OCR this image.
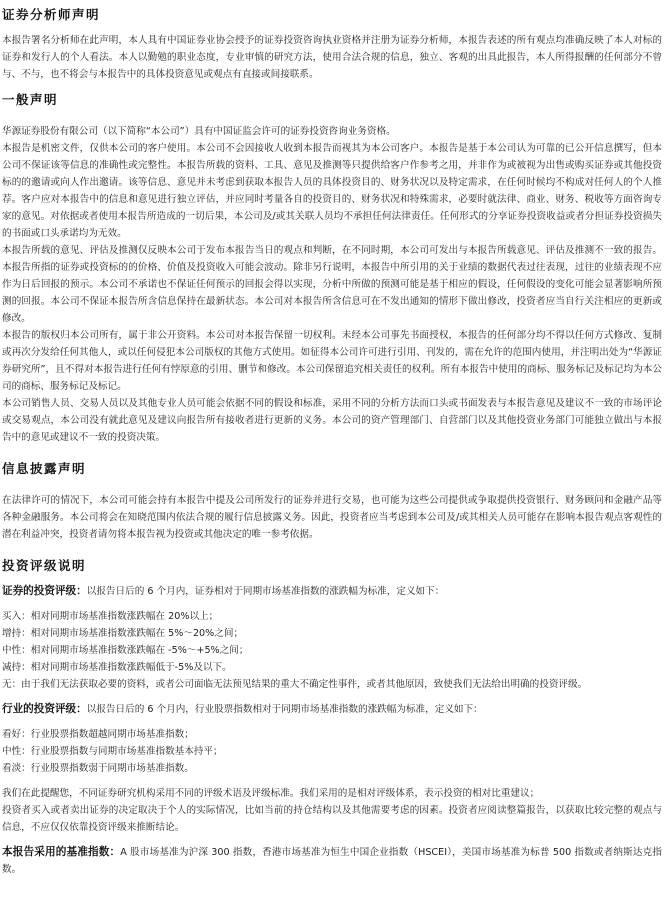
证券分析师声明

本报告署名分析师在此声明，本人具有中国证券业协会授予的证券投资咨询执业资格并注册为证券分析师，本报告表述的所有观点均准确反映了本人对标的证券和发行人的个人看法。本人以勤勉的职业态度，专业审慎的研究方法，使用合法合规的信息，独立、客观的出具此报告，本人所得报酬的任何部分不曾与、不与，也不将会与本报告中的具体投资意见或观点有直接或间接联系。

一般声明

华源证券股份有限公司（以下简称“本公司”）具有中国证监会许可的证券投资咨询业务资格。

本报告是机密文件，仅供本公司的客户使用。本公司不会因接收人收到本报告而视其为本公司客户。本报告是基于本公司认为可靠的已公开信息撰写，但本公司不保证该等信息的准确性或完整性。本报告所载的资料、工具、意见及推测等只提供给客户作参考之用，并非作为或被视为出售或购买证券或其他投资标的的邀请或向人作出邀请。该等信息、意见并未考虑到获取本报告人员的具体投资目的、财务状况以及特定需求，在任何时候均不构成对任何人的个人推荐。客户应对本报告中的信息和意见进行独立评估，并应同时考量各自的投资目的、财务状况和特殊需求，必要时就法律、商业、财务、税收等方面咨询专家的意见。对依据或者使用本报告所造成的一切后果，本公司及/或其关联人员均不承担任何法律责任。任何形式的分享证券投资收益或者分担证券投资损失的书面或口头承诺均为无效。

本报告所载的意见、评估及推测仅反映本公司于发布本报告当日的观点和判断，在不同时期，本公司可发出与本报告所载意见、评估及推测不一致的报告。本报告所指的证券或投资标的的价格、价值及投资收入可能会波动。除非另行说明，本报告中所引用的关于业绩的数据代表过往表现，过往的业绩表现不应作为日后回报的预示。本公司不承诺也不保证任何预示的回报会得以实现，分析中所做的预测可能是基于相应的假设，任何假设的变化可能会显著影响所预测的回报。本公司不保证本报告所含信息保持在最新状态。本公司对本报告所含信息可在不发出通知的情形下做出修改，投资者应当自行关注相应的更新或修改。

本报告的版权归本公司所有，属于非公开资料。本公司对本报告保留一切权利。未经本公司事先书面授权，本报告的任何部分均不得以任何方式修改、复制或再次分发给任何其他人，或以任何侵犯本公司版权的其他方式使用。如征得本公司许可进行引用、刊发的，需在允许的范围内使用，并注明出处为“华源证券研究所”，且不得对本报告进行任何有悖原意的引用、删节和修改。本公司保留追究相关责任的权利。所有本报告中使用的商标、服务标记及标记均为本公司的商标、服务标记及标记。

本公司销售人员、交易人员以及其他专业人员可能会依据不同的假设和标准，采用不同的分析方法而口头或书面发表与本报告意见及建议不一致的市场评论或交易观点，本公司没有就此意见及建议向报告所有接收者进行更新的义务。本公司的资产管理部门、自营部门以及其他投资业务部门可能独立做出与本报告中的意见或建议不一致的投资决策。

信息披露声明

在法律许可的情况下，本公司可能会持有本报告中提及公司所发行的证券并进行交易，也可能为这些公司提供或争取提供投资银行、财务顾问和金融产品等各种金融服务。本公司将会在知晓范围内依法合规的履行信息披露义务。因此，投资者应当考虑到本公司及/或其相关人员可能存在影响本报告观点客观性的潜在利益冲突，投资者请勿将本报告视为投资或其他决定的唯一参考依据。

投资评级说明

证券的投资评级：以报告日后的 6 个月内，证券相对于同期市场基准指数的涨跌幅为标准，定义如下：

买入：相对同期市场基准指数涨跌幅在 20%以上；

增持：相对同期市场基准指数涨跌幅在 5%～20%之间；

中性：相对同期市场基准指数涨跌幅在 -5%～+5%之间；

减持：相对同期市场基准指数涨跌幅低于-5%及以下。

无：由于我们无法获取必要的资料，或者公司面临无法预见结果的重大不确定性事件，或者其他原因，致使我们无法给出明确的投资评级。

行业的投资评级：以报告日后的 6 个月内，行业股票指数相对于同期市场基准指数的涨跌幅为标准，定义如下：

看好：行业股票指数超越同期市场基准指数；

中性：行业股票指数与同期市场基准指数基本持平；

看淡：行业股票指数弱于同期市场基准指数。

我们在此提醒您，不同证券研究机构采用不同的评级术语及评级标准。我们采用的是相对评级体系，表示投资的相对比重建议；

投资者买入或者卖出证券的决定取决于个人的实际情况，比如当前的持仓结构以及其他需要考虑的因素。投资者应阅读整篇报告，以获取比较完整的观点与信息，不应仅仅依靠投资评级来推断结论。

本报告采用的基准指数：A 股市场基准为沪深 300 指数，香港市场基准为恒生中国企业指数（HSCEI），美国市场基准为标普 500 指数或者纳斯达克指数。
